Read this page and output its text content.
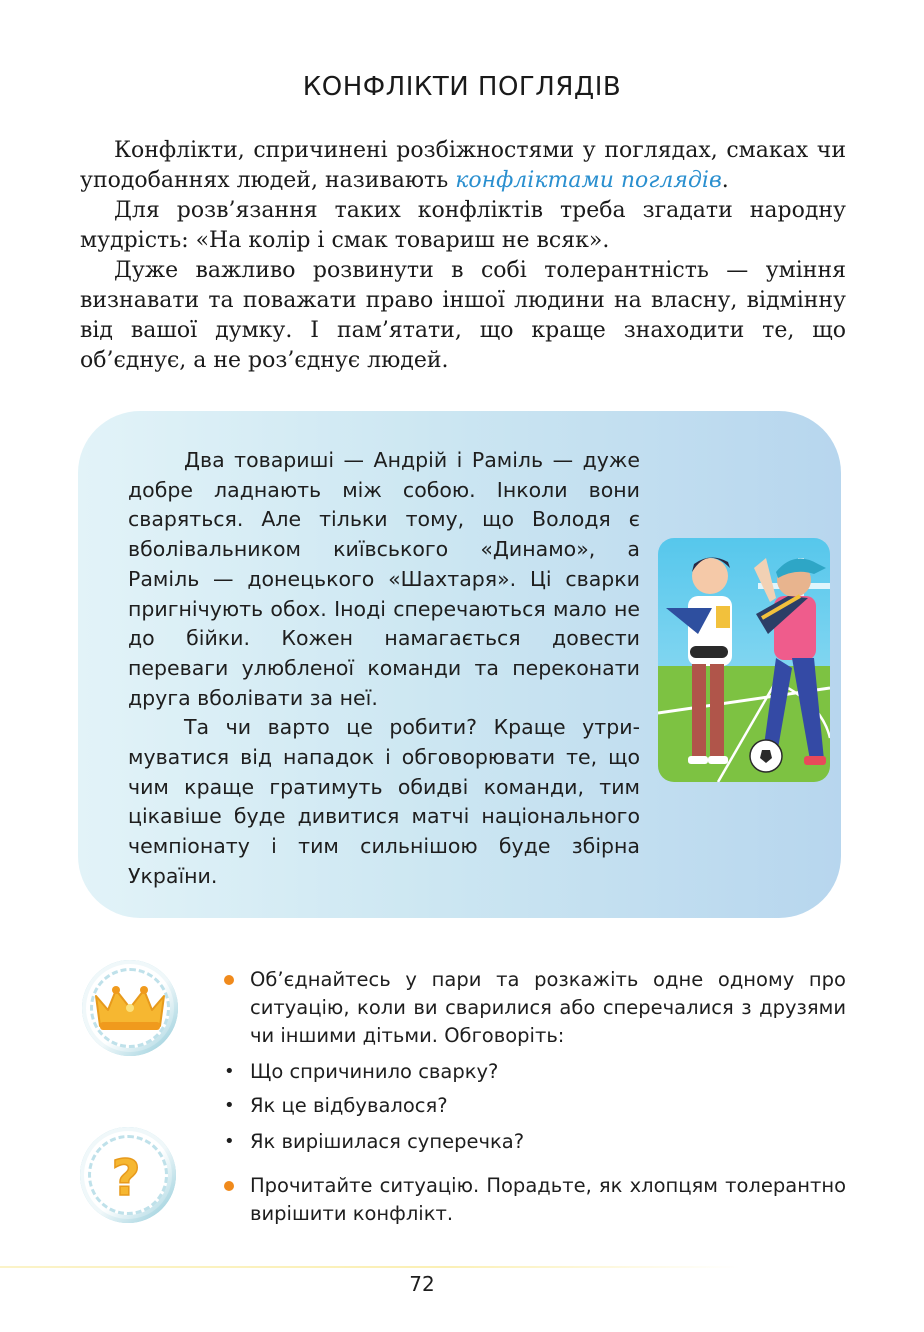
КОНФЛІКТИ ПОГЛЯДІВ

Конфлікти, спричинені розбіжностями у поглядах, смаках чи уподобаннях людей, називають конфліктами поглядів.

Для розв’язання таких конфліктів треба згадати народну мудрість: «На колір і смак товариш не всяк».

Дуже важливо розвинути в собі толерантність — уміння визнавати та поважати право іншої людини на власну, відмінну від вашої думку. І пам’ятати, що краще знаходити те, що об’єднує, а не роз’єднує людей.

Два товариші — Андрій і Раміль — дуже добре ладнають між собою. Інколи вони сваряться. Але тільки тому, що Володя є вболівальником київського «Динамо», а Раміль — донецького «Шахтаря». Ці сварки пригнічують обох. Іноді сперечаються мало не до бійки. Кожен намагається довести переваги улюбленої команди та переконати друга вболівати за неї.

Та чи варто це робити? Краще утримуватися від нападок і обговорювати те, що чим краще гратимуть обидві команди, тим цікавіше буде дивитися матчі національного чемпіонату і тим сильнішою буде збірна України.

?
Об’єднайтесь у пари та розкажіть одне одному про ситуацію, коли ви сварилися або сперечалися з друзями чи іншими дітьми. Обговоріть:
• Що спричинило сварку?
• Як це відбувалося?
• Як вирішилася суперечка?
Прочитайте ситуацію. Порадьте, як хлопцям толерантно вирішити конфлікт.
72
